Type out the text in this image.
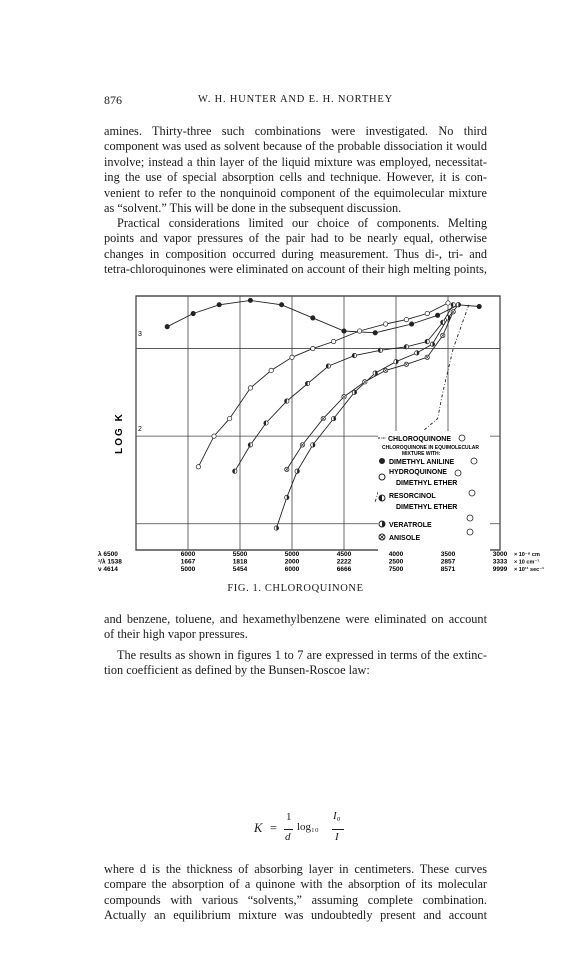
876	W. H. HUNTER AND E. H. NORTHEY
amines. Thirty-three such combinations were investigated. No third
component was used as solvent because of the probable dissociation it would
involve; instead a thin layer of the liquid mixture was employed, necessitat-
ing the use of special absorption cells and technique. However, it is con-
venient to refer to the nonquinoid component of the equimolecular mixture
as “solvent.” This will be done in the subsequent discussion.
Practical considerations limited our choice of components. Melting
points and vapor pressures of the pair had to be nearly equal, otherwise
changes in composition occurred during measurement. Thus di-, tri- and
tetra-chloroquinones were eliminated on account of their high melting points,
LOG K
3
2
CHLOROQUINONE
CHLOROQUINONE IN EQUIMOLECULAR
MIXTURE WITH:
DIMETHYL ANILINE
HYDROQUINONE
DIMETHYL ETHER
RESORCINOL
DIMETHYL ETHER
VERATROLE
ANISOLE
λ 6500	6000	5500	5000	4500	4000	3500	3000 × 10⁻⁸ cm
¹/λ 1538	1667	1818	2000	2222	2500	2857	3333 × 10 cm⁻¹
ν 4614	5000	5454	6000	6666	7500	8571	9999 × 10¹¹ sec⁻¹
FIG. 1. CHLOROQUINONE
and benzene, toluene, and hexamethylbenzene were eliminated on account
of their high vapor pressures.
The results as shown in figures 1 to 7 are expressed in terms of the extinc-
tion coefficient as defined by the Bunsen-Roscoe law:
K =
1
d
log₁₀
I₀
I
where d is the thickness of absorbing layer in centimeters. These curves
compare the absorption of a quinone with the absorption of its molecular
compounds with various “solvents,” assuming complete combination.
Actually an equilibrium mixture was undoubtedly present and account
